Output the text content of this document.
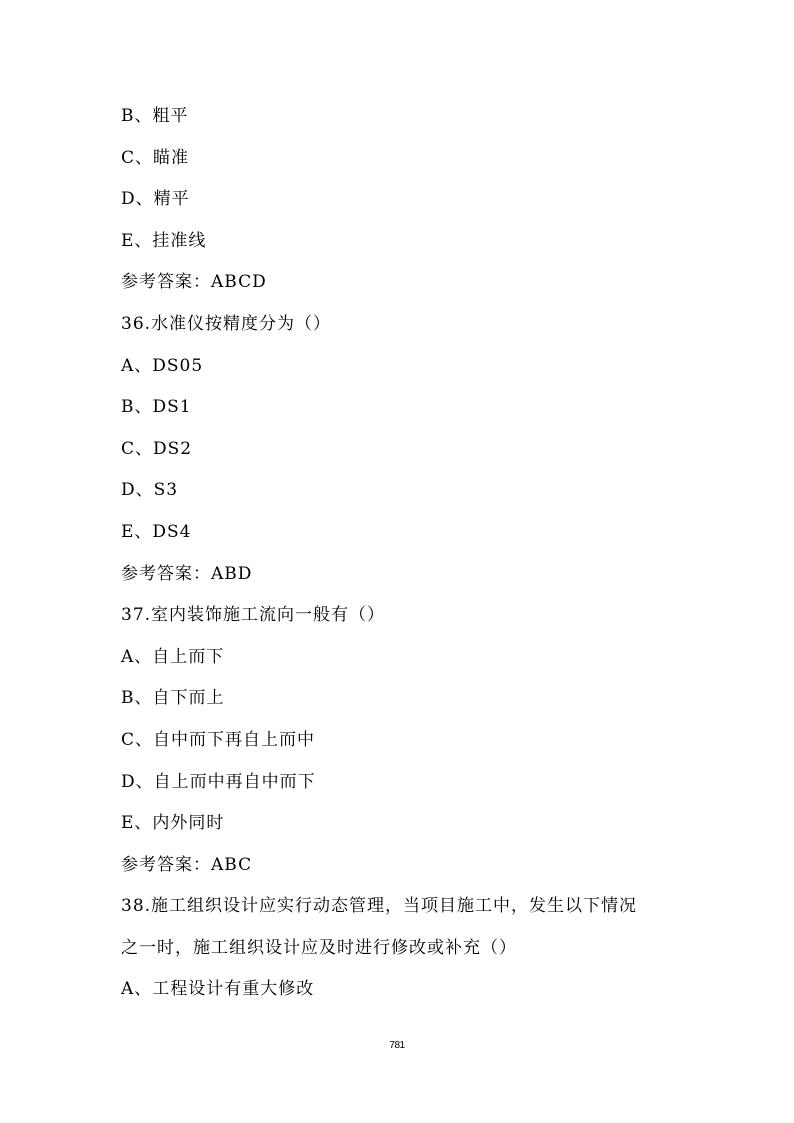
B、粗平
C、瞄准
D、精平
E、挂准线
参考答案：ABCD
36.水准仪按精度分为（）
A、DS05
B、DS1
C、DS2
D、S3
E、DS4
参考答案：ABD
37.室内装饰施工流向一般有（）
A、自上而下
B、自下而上
C、自中而下再自上而中
D、自上而中再自中而下
E、内外同时
参考答案：ABC
38.施工组织设计应实行动态管理，当项目施工中，发生以下情况
之一时，施工组织设计应及时进行修改或补充（）
A、工程设计有重大修改
781
